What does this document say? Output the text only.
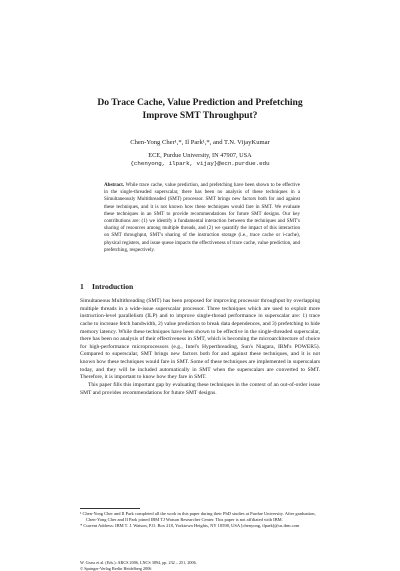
Do Trace Cache, Value Prediction and Prefetching
Improve SMT Throughput?
Chen-Yong Cher¹,*, Il Park¹,*, and T.N. VijayKumar
ECE, Purdue University, IN 47907, USA
{chenyong, ilpark, vijay}@ecn.purdue.edu

Abstract. While trace cache, value prediction, and prefetching have been shown to be effective in the single-threaded superscalar, there has been no analysis of these techniques in a Simultaneously Multithreaded (SMT) processor. SMT brings new factors both for and against these techniques, and it is not known how these techniques would fare in SMT. We evaluate these techniques in an SMT to provide recommendations for future SMT designs. Our key contributions are: (1) we identify a fundamental interaction between the techniques and SMT's sharing of resources among multiple threads, and (2) we quantify the impact of this interaction on SMT throughput, SMT's sharing of the instruction storage (i.e., trace cache or i-cache), physical registers, and issue queue impacts the effectiveness of trace cache, value prediction, and prefetching, respectively.

1 Introduction

Simultaneous Multithreading (SMT) has been proposed for improving processor throughput by overlapping multiple threads in a wide-issue superscalar processor. Three techniques which are used to exploit more instruction-level parallelism (ILP) and to improve single-thread performance in superscalar are: 1) trace cache to increase fetch bandwidth, 2) value prediction to break data dependences, and 3) prefetching to hide memory latency. While these techniques have been shown to be effective in the single-threaded superscalar, there has been no analysis of their effectiveness in SMT, which is becoming the microarchitecture of choice for high-performance microprocessors (e.g., Intel's Hyperthreading, Sun's Niagara, IBM's POWER5). Compared to superscalar, SMT brings new factors both for and against these techniques, and it is not known how these techniques would fare in SMT. Some of these techniques are implemented in superscalars today, and they will be included automatically in SMT when the superscalars are converted to SMT. Therefore, it is important to know how they fare in SMT.

This paper fills this important gap by evaluating these techniques in the context of an out-of-order issue SMT and provides recommendations for future SMT designs.

¹ Chen-Yong Cher and Il Park completed all the work in this paper during their PhD studies at Purdue University. After graduation, Chen-Yong Cher and Il Park joined IBM TJ Watson Researcher Center. This paper is not affiliated with IBM.

* Current Address: IBM T. J. Watson, P.O. Box 218, Yorktown Heights, NY 10598, USA [chenyong, ilpark]@us.ibm.com

W. Grass et al. (Eds.): ARCS 2006, LNCS 3894, pp. 232 – 251, 2006.
© Springer-Verlag Berlin Heidelberg 2006
